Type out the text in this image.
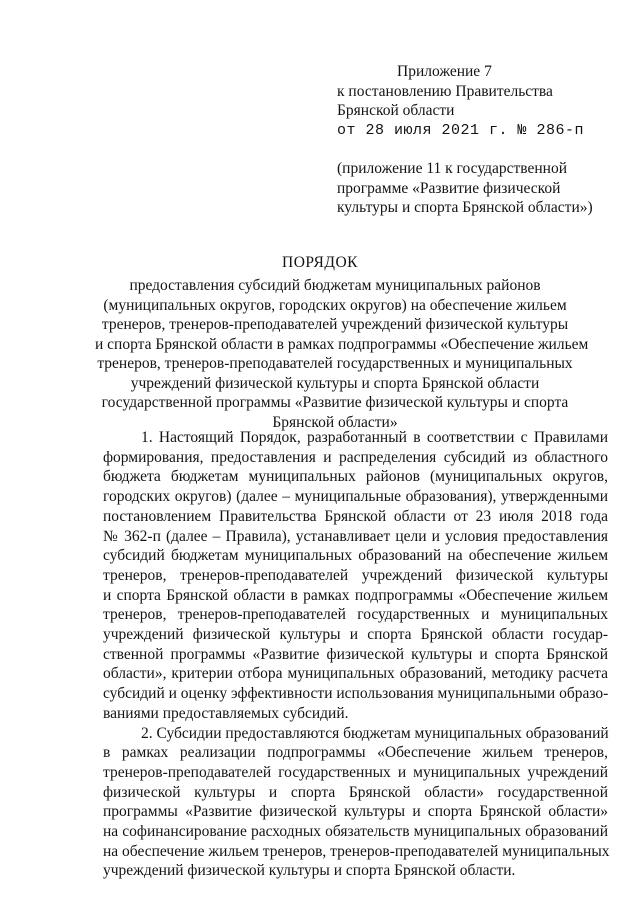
Приложение 7
к постановлению Правительства
Брянской области
от 28 июля 2021 г. № 286-п
(приложение 11 к государственной
программе «Развитие физической
культуры и спорта Брянской области»)
ПОРЯДОК
предоставления субсидий бюджетам муниципальных районов
(муниципальных округов, городских округов) на обеспечение жильем
тренеров, тренеров-преподавателей учреждений физической культуры
и спорта Брянской области в рамках подпрограммы «Обеспечение жильем
тренеров, тренеров-преподавателей государственных и муниципальных
учреждений физической культуры и спорта Брянской области
государственной программы «Развитие физической культуры и спорта
Брянской области»
1. Настоящий Порядок, разработанный в соответствии с Правилами
формирования, предоставления и распределения субсидий из областного
бюджета бюджетам муниципальных районов (муниципальных округов,
городских округов) (далее – муниципальные образования), утвержденными
постановлением Правительства Брянской области от 23 июля 2018 года
№ 362-п (далее – Правила), устанавливает цели и условия предоставления
субсидий бюджетам муниципальных образований на обеспечение жильем
тренеров, тренеров-преподавателей учреждений физической культуры
и спорта Брянской области в рамках подпрограммы «Обеспечение жильем
тренеров, тренеров-преподавателей государственных и муниципальных
учреждений физической культуры и спорта Брянской области государ-
ственной программы «Развитие физической культуры и спорта Брянской
области», критерии отбора муниципальных образований, методику расчета
субсидий и оценку эффективности использования муниципальными образо-
ваниями предоставляемых субсидий.
2. Субсидии предоставляются бюджетам муниципальных образований
в рамках реализации подпрограммы «Обеспечение жильем тренеров,
тренеров-преподавателей государственных и муниципальных учреждений
физической культуры и спорта Брянской области» государственной
программы «Развитие физической культуры и спорта Брянской области»
на софинансирование расходных обязательств муниципальных образований
на обеспечение жильем тренеров, тренеров-преподавателей муниципальных
учреждений физической культуры и спорта Брянской области.
